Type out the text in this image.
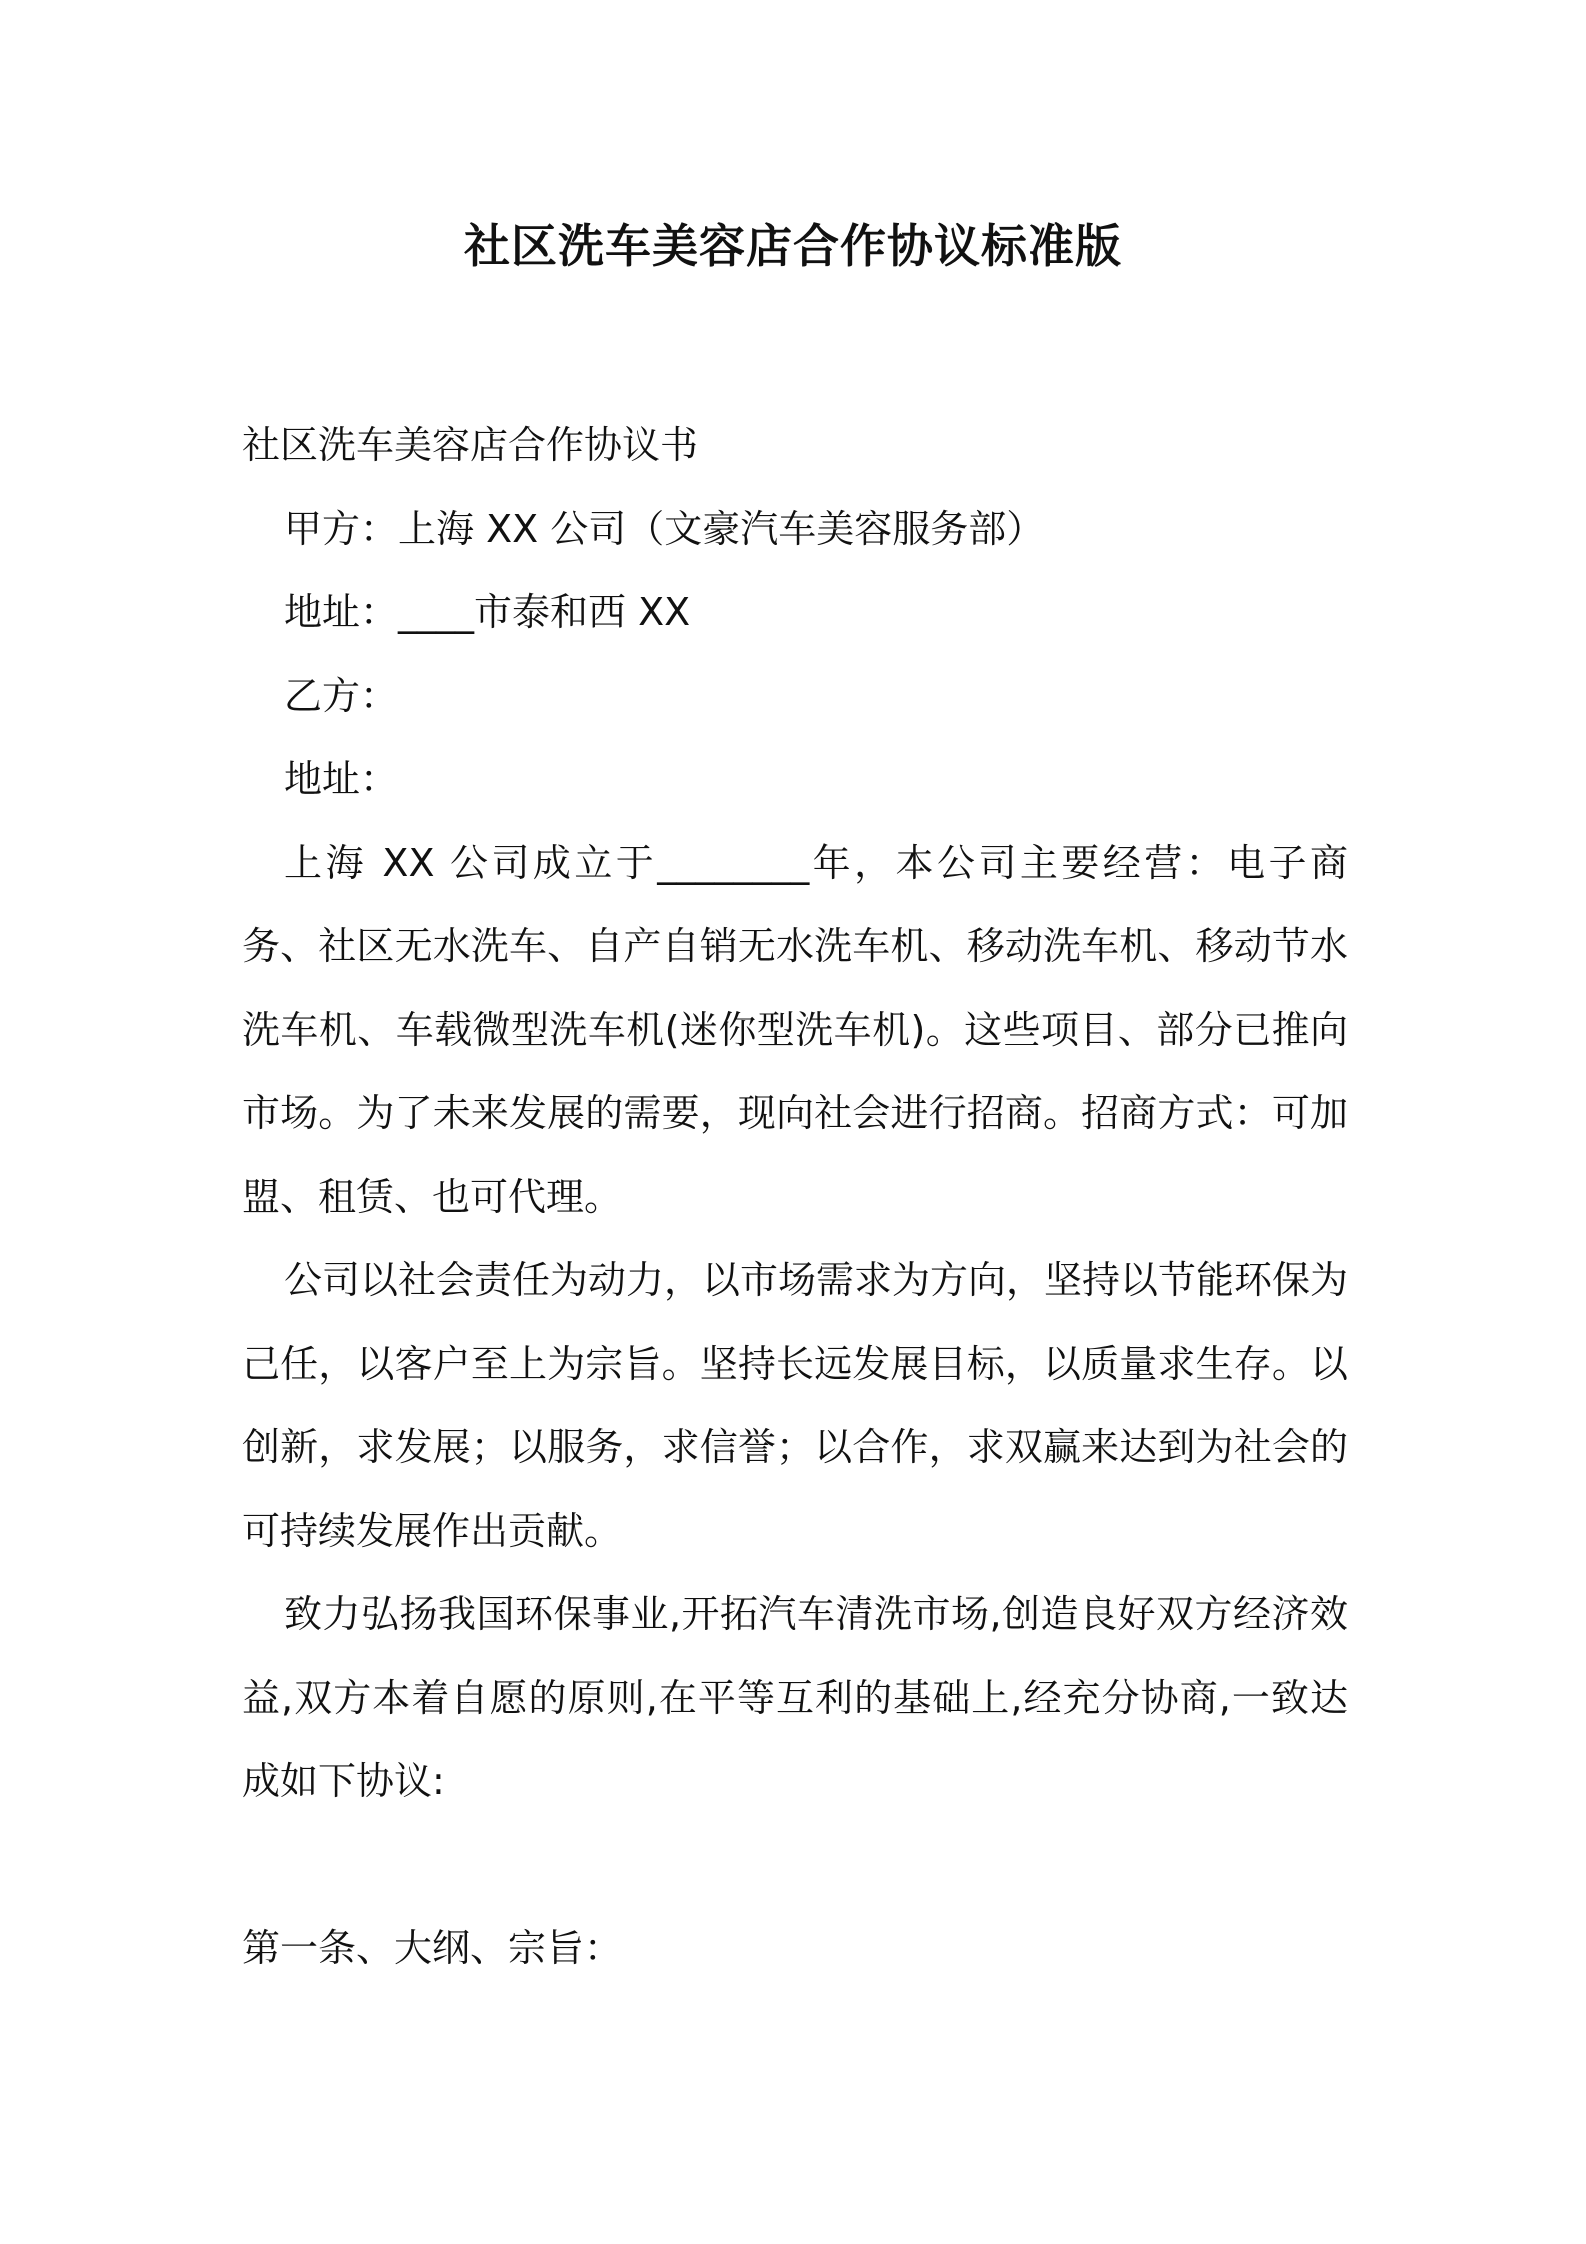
社区洗车美容店合作协议标准版

社区洗车美容店合作协议书

甲方：上海 XX 公司（文豪汽车美容服务部）

地址：____市泰和西 XX

乙方：

地址：

上海 XX 公司成立于________年，本公司主要经营：电子商务、社区无水洗车、自产自销无水洗车机、移动洗车机、移动节水洗车机、车载微型洗车机(迷你型洗车机)。这些项目、部分已推向市场。为了未来发展的需要，现向社会进行招商。招商方式：可加盟、租赁、也可代理。

公司以社会责任为动力，以市场需求为方向，坚持以节能环保为己任，以客户至上为宗旨。坚持长远发展目标，以质量求生存。以创新，求发展；以服务，求信誉；以合作，求双赢来达到为社会的可持续发展作出贡献。

致力弘扬我国环保事业,开拓汽车清洗市场,创造良好双方经济效益,双方本着自愿的原则,在平等互利的基础上,经充分协商,一致达成如下协议:

第一条、大纲、宗旨：
